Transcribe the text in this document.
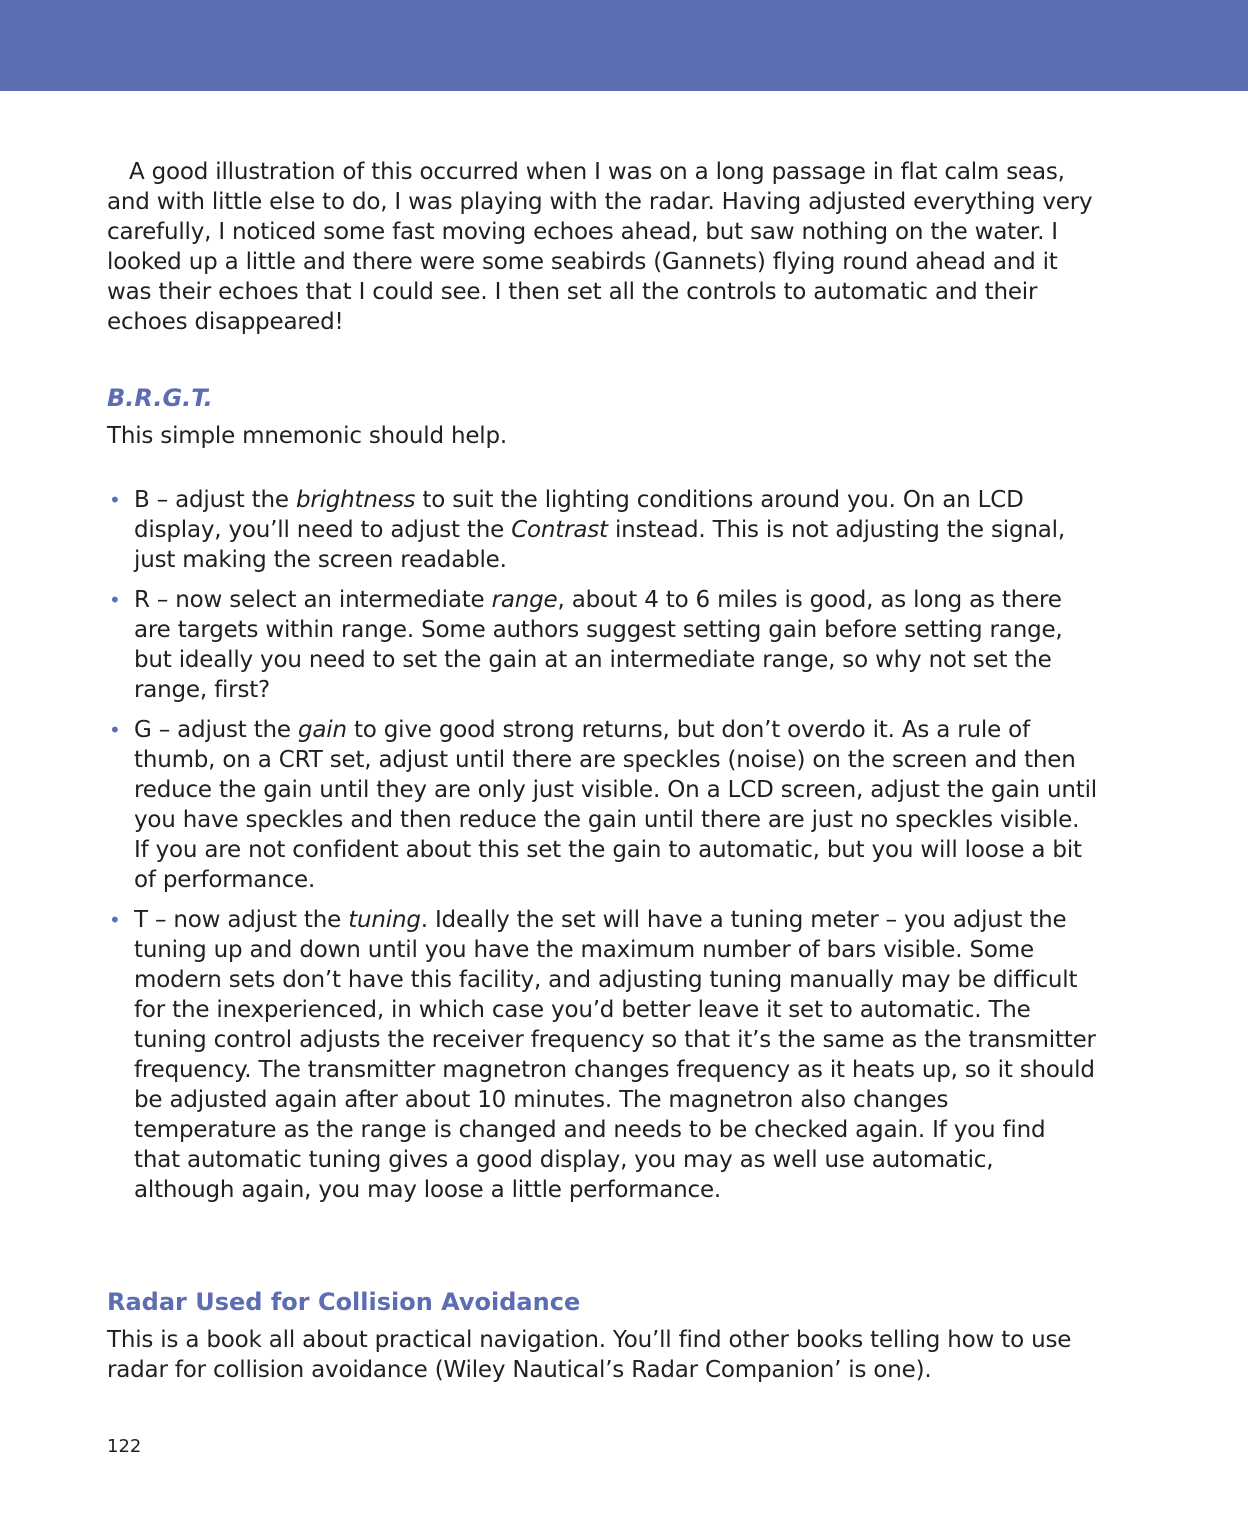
A good illustration of this occurred when I was on a long passage in flat calm seas, and with little else to do, I was playing with the radar. Having adjusted everything very carefully, I noticed some fast moving echoes ahead, but saw nothing on the water. I looked up a little and there were some seabirds (Gannets) flying round ahead and it was their echoes that I could see. I then set all the controls to automatic and their echoes disappeared!

B.R.G.T.

This simple mnemonic should help.

• B – adjust the brightness to suit the lighting conditions around you. On an LCD display, you’ll need to adjust the Contrast instead. This is not adjusting the signal, just making the screen readable.
• R – now select an intermediate range, about 4 to 6 miles is good, as long as there are targets within range. Some authors suggest setting gain before setting range, but ideally you need to set the gain at an intermediate range, so why not set the range, first?
• G – adjust the gain to give good strong returns, but don’t overdo it. As a rule of thumb, on a CRT set, adjust until there are speckles (noise) on the screen and then reduce the gain until they are only just visible. On a LCD screen, adjust the gain until you have speckles and then reduce the gain until there are just no speckles visible. If you are not confident about this set the gain to automatic, but you will loose a bit of performance.
• T – now adjust the tuning. Ideally the set will have a tuning meter – you adjust the tuning up and down until you have the maximum number of bars visible. Some modern sets don’t have this facility, and adjusting tuning manually may be difficult for the inexperienced, in which case you’d better leave it set to automatic. The tuning control adjusts the receiver frequency so that it’s the same as the transmitter frequency. The transmitter magnetron changes frequency as it heats up, so it should be adjusted again after about 10 minutes. The magnetron also changes temperature as the range is changed and needs to be checked again. If you find that automatic tuning gives a good display, you may as well use automatic, although again, you may loose a little performance.
Radar Used for Collision Avoidance

This is a book all about practical navigation. You’ll find other books telling how to use radar for collision avoidance (Wiley Nautical’s Radar Companion’ is one).

122
